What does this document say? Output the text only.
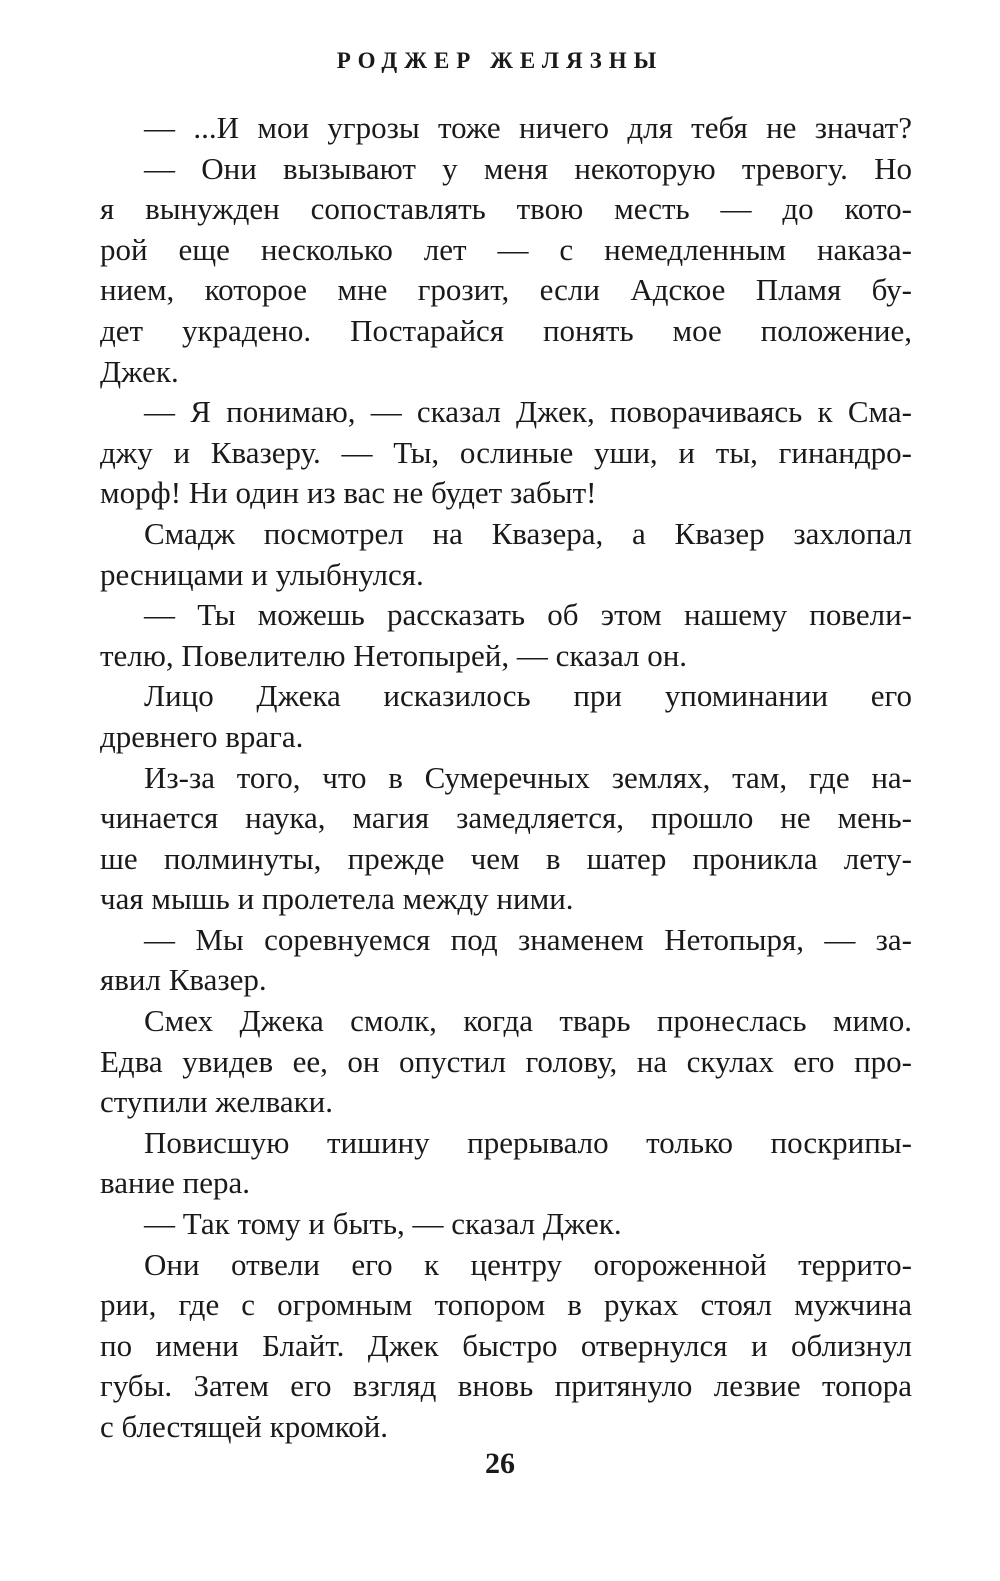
РОДЖЕР ЖЕЛЯЗНЫ
— ...И мои угрозы тоже ничего для тебя не значат?
— Они вызывают у меня некоторую тревогу. Но
я вынужден сопоставлять твою месть — до кото-
рой еще несколько лет — с немедленным наказа-
нием, которое мне грозит, если Адское Пламя бу-
дет украдено. Постарайся понять мое положение,
Джек.
— Я понимаю, — сказал Джек, поворачиваясь к Сма-
джу и Квазеру. — Ты, ослиные уши, и ты, гинандро-
морф! Ни один из вас не будет забыт!
Смадж посмотрел на Квазера, а Квазер захлопал
ресницами и улыбнулся.
— Ты можешь рассказать об этом нашему повели-
телю, Повелителю Нетопырей, — сказал он.
Лицо Джека исказилось при упоминании его
древнего врага.
Из-за того, что в Сумеречных землях, там, где на-
чинается наука, магия замедляется, прошло не мень-
ше полминуты, прежде чем в шатер проникла лету-
чая мышь и пролетела между ними.
— Мы соревнуемся под знаменем Нетопыря, — за-
явил Квазер.
Смех Джека смолк, когда тварь пронеслась мимо.
Едва увидев ее, он опустил голову, на скулах его про-
ступили желваки.
Повисшую тишину прерывало только поскрипы-
вание пера.
— Так тому и быть, — сказал Джек.
Они отвели его к центру огороженной террито-
рии, где с огромным топором в руках стоял мужчина
по имени Блайт. Джек быстро отвернулся и облизнул
губы. Затем его взгляд вновь притянуло лезвие топора
с блестящей кромкой.
26
